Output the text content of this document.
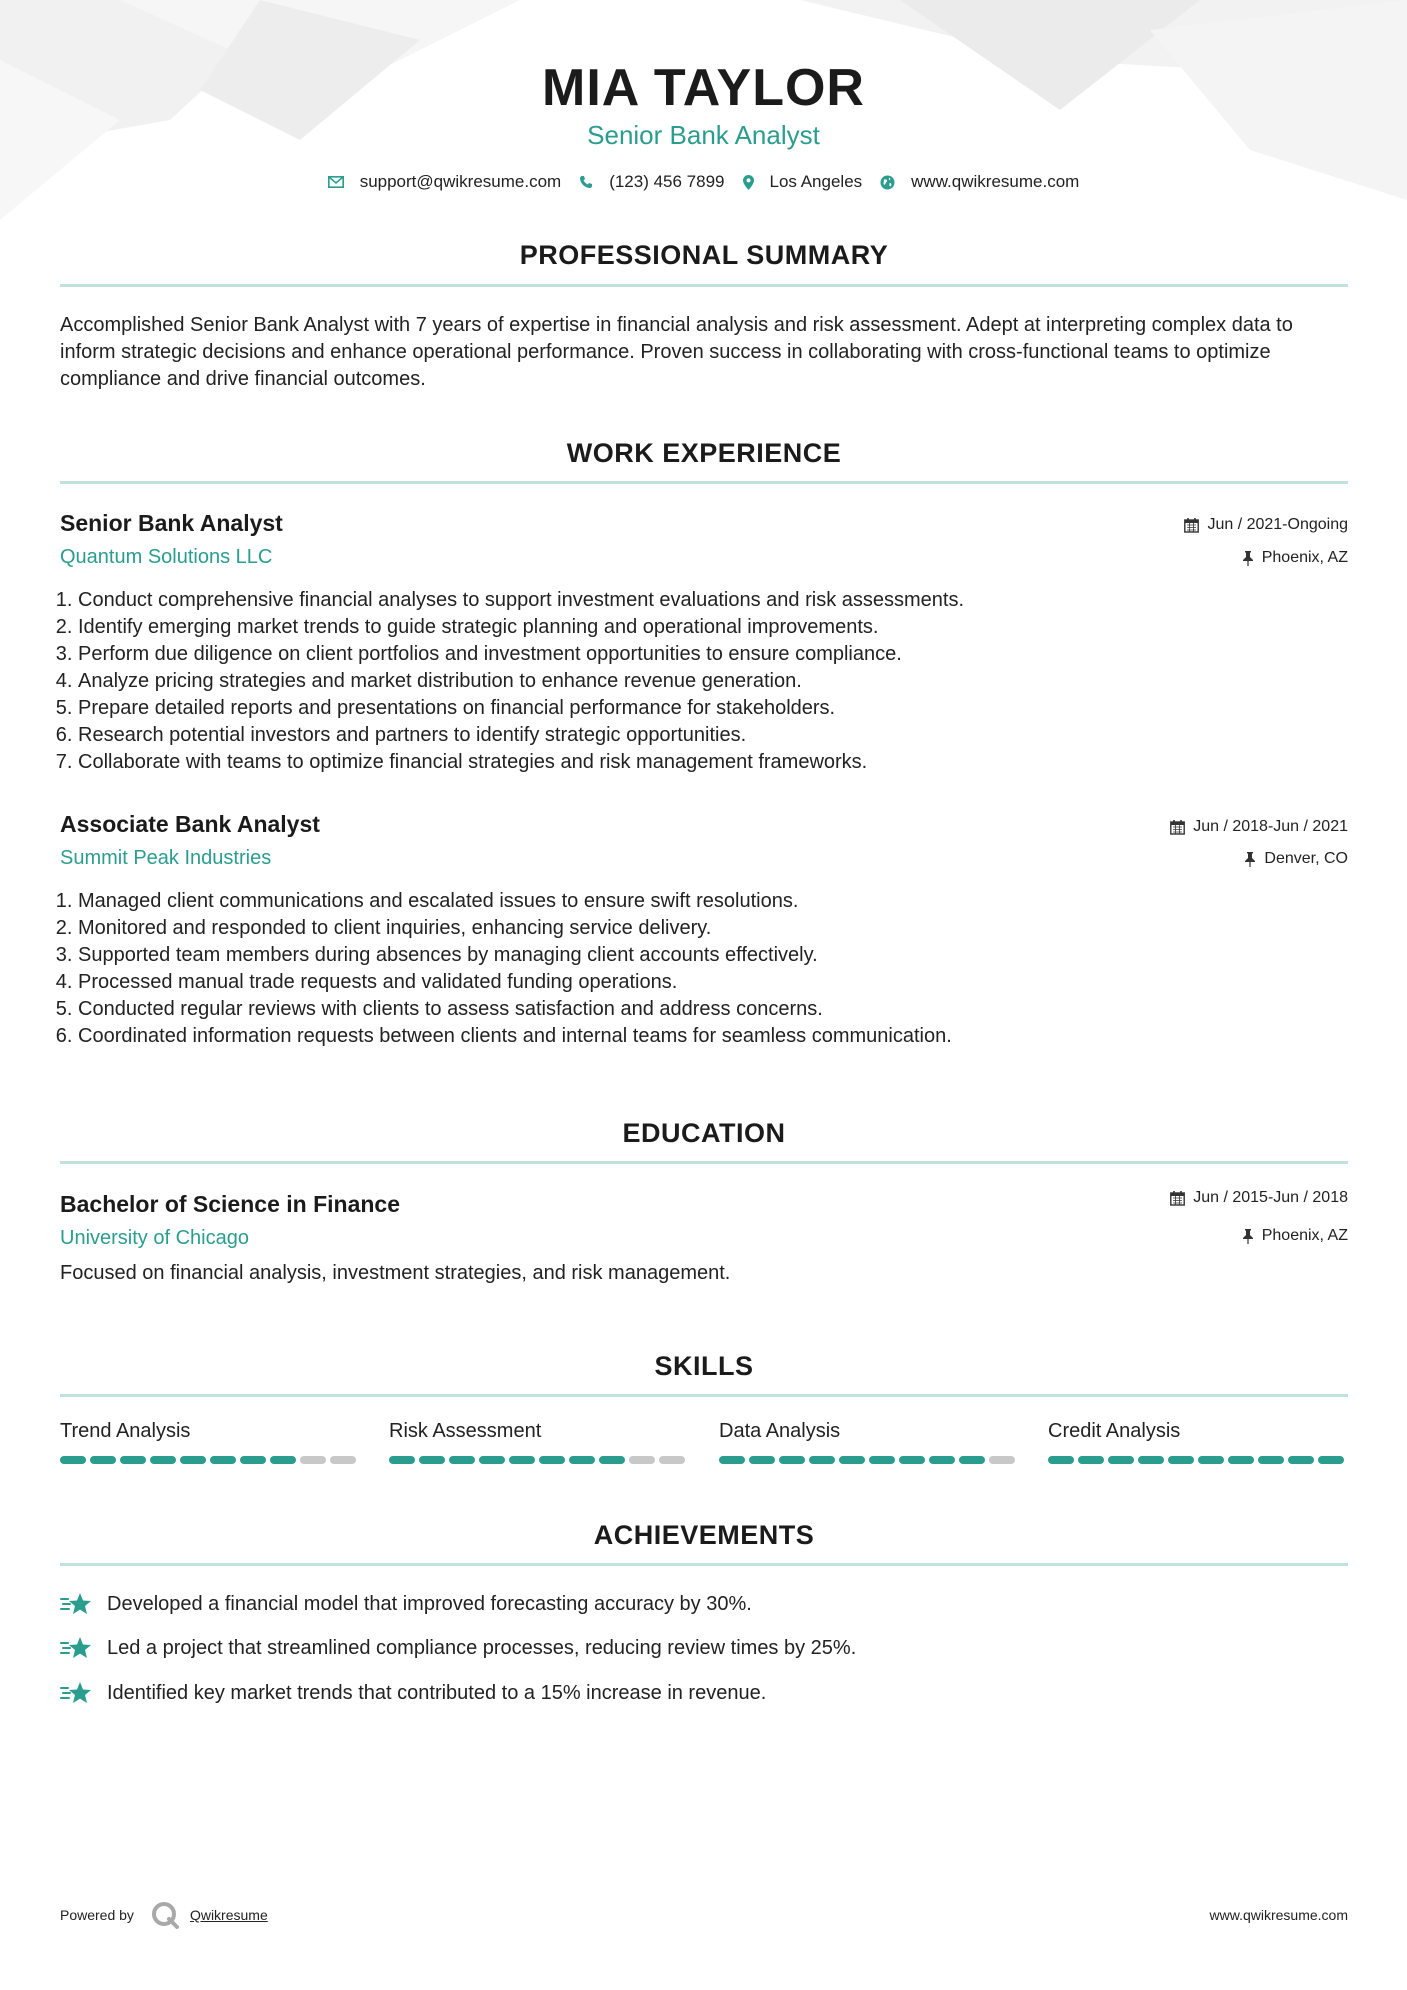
MIA TAYLOR
Senior Bank Analyst
support@qwikresume.com	(123) 456 7899	Los Angeles	www.qwikresume.com
PROFESSIONAL SUMMARY
Accomplished Senior Bank Analyst with 7 years of expertise in financial analysis and risk assessment. Adept at interpreting complex data to inform strategic decisions and enhance operational performance. Proven success in collaborating with cross-functional teams to optimize compliance and drive financial outcomes.
WORK EXPERIENCE
Senior Bank Analyst
Quantum Solutions LLC
Jun / 2021-Ongoing
Phoenix, AZ
1. Conduct comprehensive financial analyses to support investment evaluations and risk assessments.
2. Identify emerging market trends to guide strategic planning and operational improvements.
3. Perform due diligence on client portfolios and investment opportunities to ensure compliance.
4. Analyze pricing strategies and market distribution to enhance revenue generation.
5. Prepare detailed reports and presentations on financial performance for stakeholders.
6. Research potential investors and partners to identify strategic opportunities.
7. Collaborate with teams to optimize financial strategies and risk management frameworks.
Associate Bank Analyst
Summit Peak Industries
Jun / 2018-Jun / 2021
Denver, CO
1. Managed client communications and escalated issues to ensure swift resolutions.
2. Monitored and responded to client inquiries, enhancing service delivery.
3. Supported team members during absences by managing client accounts effectively.
4. Processed manual trade requests and validated funding operations.
5. Conducted regular reviews with clients to assess satisfaction and address concerns.
6. Coordinated information requests between clients and internal teams for seamless communication.
EDUCATION
Bachelor of Science in Finance
University of Chicago
Jun / 2015-Jun / 2018
Phoenix, AZ
Focused on financial analysis, investment strategies, and risk management.
SKILLS
Trend Analysis	Risk Assessment	Data Analysis	Credit Analysis
ACHIEVEMENTS
Developed a financial model that improved forecasting accuracy by 30%.
Led a project that streamlined compliance processes, reducing review times by 25%.
Identified key market trends that contributed to a 15% increase in revenue.
Powered by	Qwikresume	www.qwikresume.com
